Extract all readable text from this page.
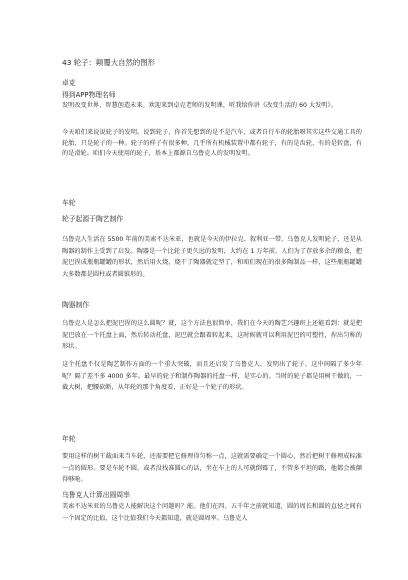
43 轮子：颠覆大自然的图形
卓克
得到APP物理名师

发明改变世界，智慧创造未来。欢迎来到卓克老师的发明课，听我给你讲《改变生活的 60 大发明》。

今天咱们来说说轮子的发明。说到轮子，你首先想到的是不是汽车，或者自行车的轮胎呀其实这些交通工具的轮胎，只是轮子的一种。轮子的样子有很多种，几乎所有机械装置中都有轮子，有的是齿轮、有的是转盘，有的是滑轮。咱们今天使用的轮子，基本上都源自乌鲁克人的发明发明。

车轮
轮子起源于陶艺制作

乌鲁克人生活在 5500 年前的美索不达米亚，也就是今天的伊拉克、叙利亚一带。乌鲁克人发明轮子，还是从陶器的制作上受到了启发。陶器是一个比轮子更久远的发明，大约在 1 万年前，人们为了存放多余的粮食，把泥巴捏成瓶瓶罐罐的形状，然后用火烧，烧干了陶器就定型了，和咱们现在的很多陶制品一样，这些瓶瓶罐罐大多数都是圆柱或者圆锥形的。

陶器制作

乌鲁克人是怎么把泥巴捏的这么圆呢？就，这个方法也很简单，我们在今天的陶艺兴趣班上还能看到：就是把泥巴放在一个托盘上面，然后转动托盘，泥巴就会跟着转起来，这时候就可以利用泥巴的可塑性，捏出匀称的形状。

这个托盘不仅是陶艺制作方面的一个重大突破，而且还启发了乌鲁克人，发明出了轮子。这中间隔了多少年呢？隔了差不多 4000 多年。最早的轮子和制作陶器的托盘一样，是实心的。当时的轮子都是用树干做的，一截大树，把腰砍断，从年轮的那个角度看，正好是一个轮子的形状。

年轮

要用这样的树干截面来当车轮，还需要把它修理得匀称一点，这就需要确定一个圆心，然后把树干修理成标准一点的圆形。要是车轮不圆，或者没找准圆心的话，坐在车上的人可就倒霉了，不管多平坦的路，他都会被颠得够呛。

乌鲁克人计算出圆周率

美索不达米亚的乌鲁克人能解决这个问题吗？能。他们在四、五千年之前就知道，圆的周长和圆的直径之间有一个固定的比值，这个比值我们今天都知道，就是圆周率。乌鲁克人
